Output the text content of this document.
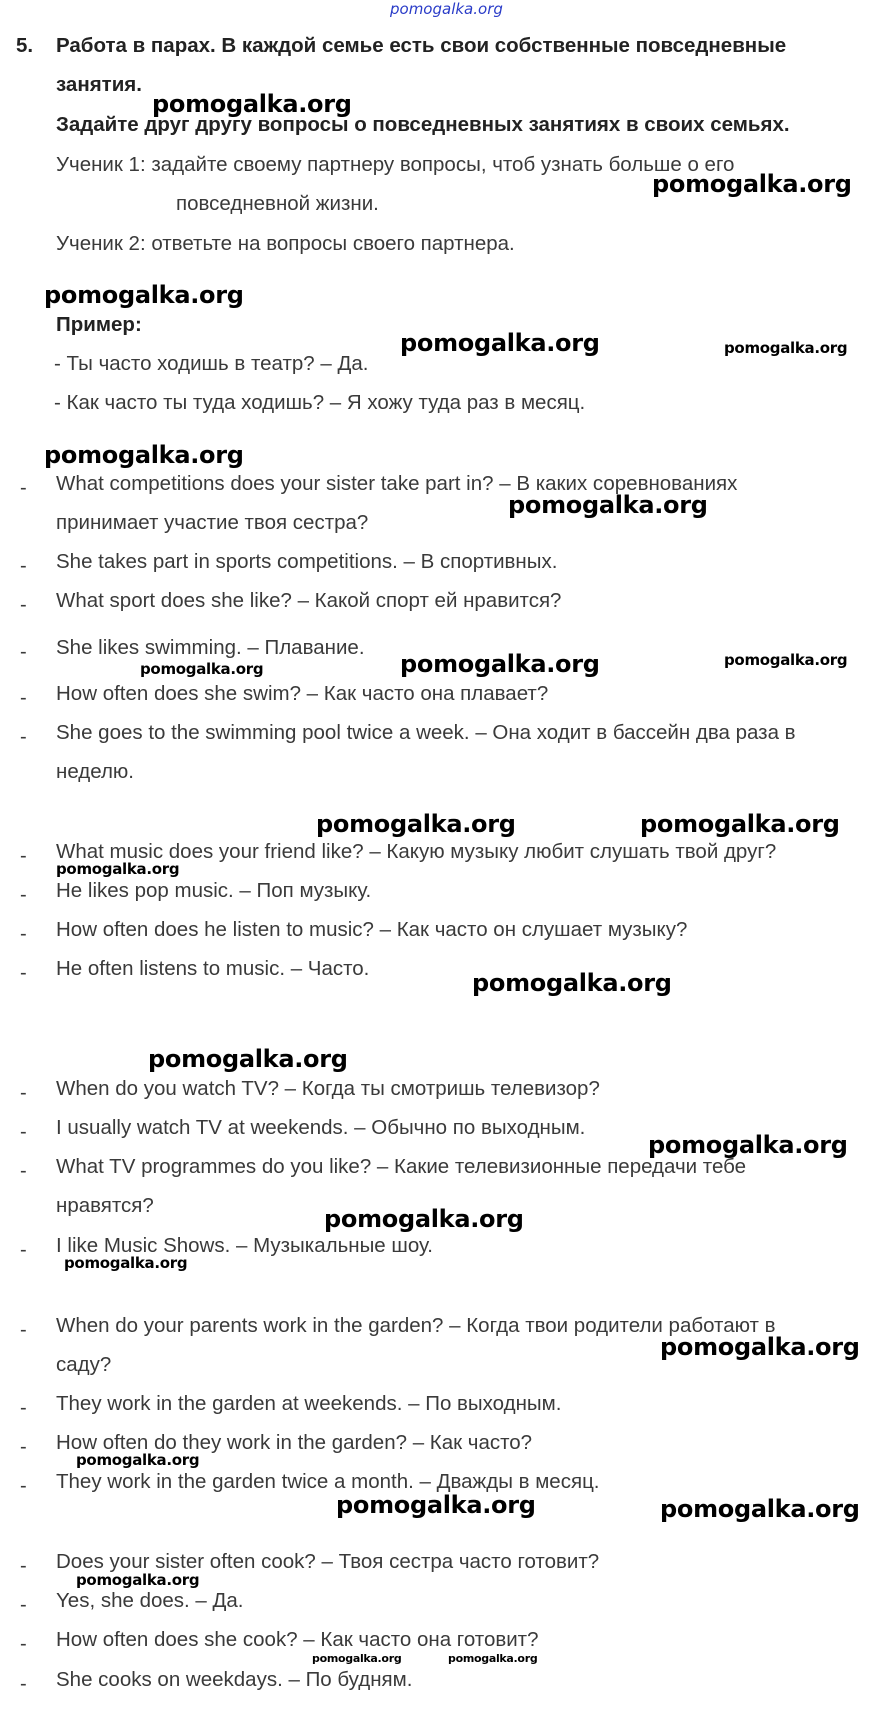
pomogalka.org
5. Работа в парах. В каждой семье есть свои собственные повседневные
занятия.
Задайте друг другу вопросы о повседневных занятиях в своих семьях.
Ученик 1: задайте своему партнеру вопросы, чтоб узнать больше о его
повседневной жизни.
Ученик 2: ответьте на вопросы своего партнера.
Пример:
- Ты часто ходишь в театр? – Да.
- Как часто ты туда ходишь? – Я хожу туда раз в месяц.
- What competitions does your sister take part in? – В каких соревнованиях
принимает участие твоя сестра?
- She takes part in sports competitions. – В спортивных.
- What sport does she like? – Какой спорт ей нравится?
- She likes swimming. – Плавание.
- How often does she swim? – Как часто она плавает?
- She goes to the swimming pool twice a week. – Она ходит в бассейн два раза в
неделю.
- What music does your friend like? – Какую музыку любит слушать твой друг?
- He likes pop music. – Поп музыку.
- How often does he listen to music? – Как часто он слушает музыку?
- He often listens to music. – Часто.
- When do you watch TV? – Когда ты смотришь телевизор?
- I usually watch TV at weekends. – Обычно по выходным.
- What TV programmes do you like? – Какие телевизионные передачи тебе
нравятся?
- I like Music Shows. – Музыкальные шоу.
- When do your parents work in the garden? – Когда твои родители работают в
саду?
- They work in the garden at weekends. – По выходным.
- How often do they work in the garden? – Как часто?
- They work in the garden twice a month. – Дважды в месяц.
- Does your sister often cook? – Твоя сестра часто готовит?
- Yes, she does. – Да.
- How often does she cook? – Как часто она готовит?
- She cooks on weekdays. – По будням.
pomogalka.org
pomogalka.org
pomogalka.org
pomogalka.org	pomogalka.org
pomogalka.org
pomogalka.org
pomogalka.org	pomogalka.org	pomogalka.org
pomogalka.org	pomogalka.org
pomogalka.org
pomogalka.org
pomogalka.org
pomogalka.org
pomogalka.org
pomogalka.org
pomogalka.org
pomogalka.org
pomogalka.org	pomogalka.org
pomogalka.org
pomogalka.org	pomogalka.org
